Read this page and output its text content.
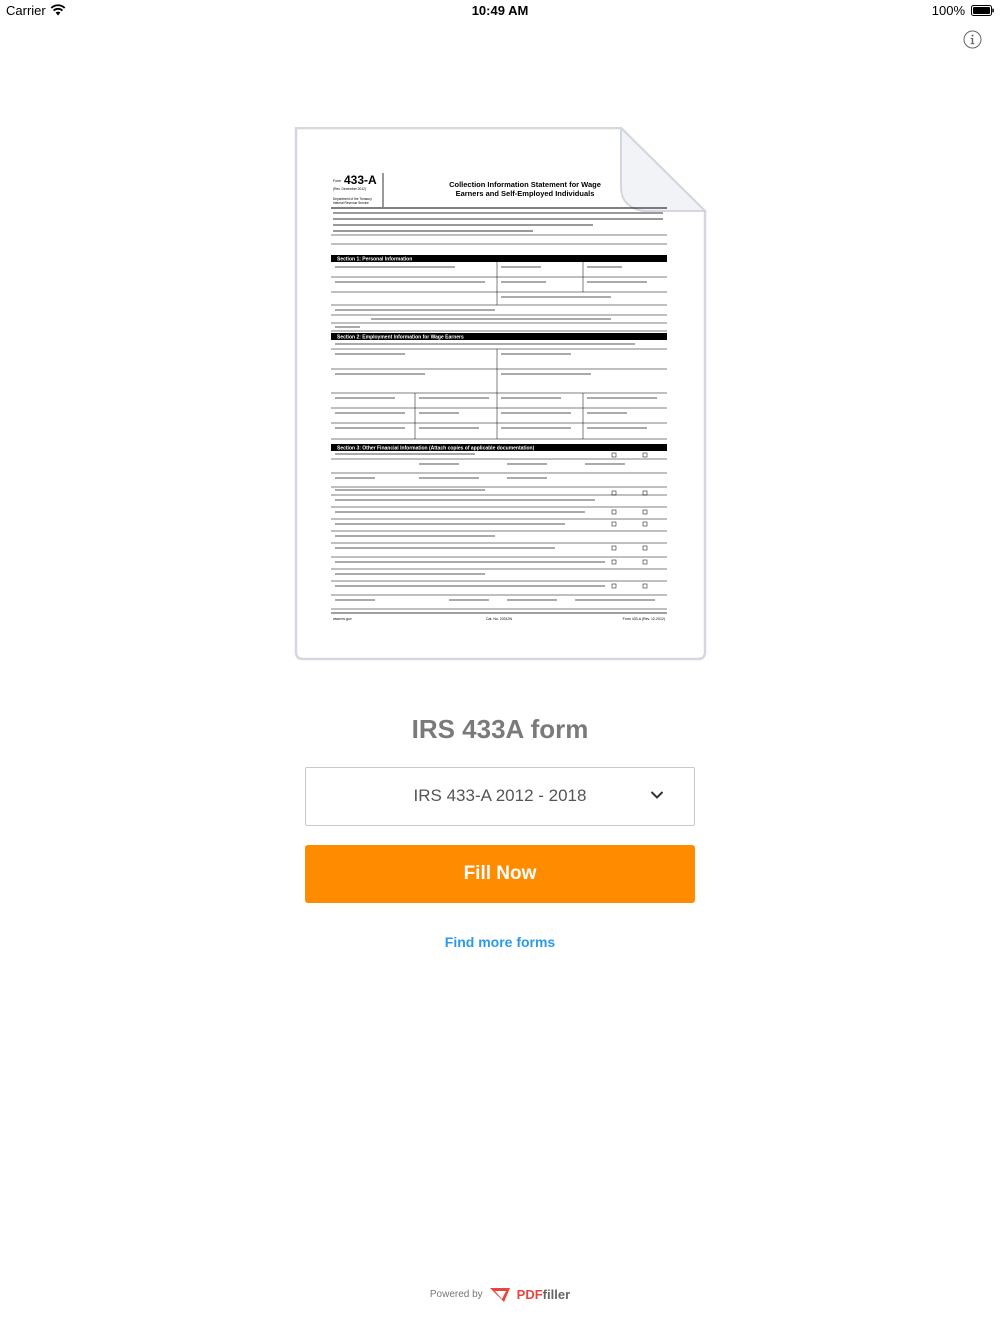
Carrier	10:49 AM	100%
Form 433-A
(Rev. December 2012)
Department of the Treasury
Internal Revenue Service
Collection Information Statement for Wage
Earners and Self-Employed Individuals
Section 1: Personal Information
Section 2: Employment Information for Wage Earners
Section 3: Other Financial Information (Attach copies of applicable documentation)
www.irs.gov	Cat. No. 20312N	Form 433-A (Rev. 12-2012)
IRS 433A form
IRS 433-A 2012 - 2018
Fill Now
Find more forms
Powered by	PDFfiller
